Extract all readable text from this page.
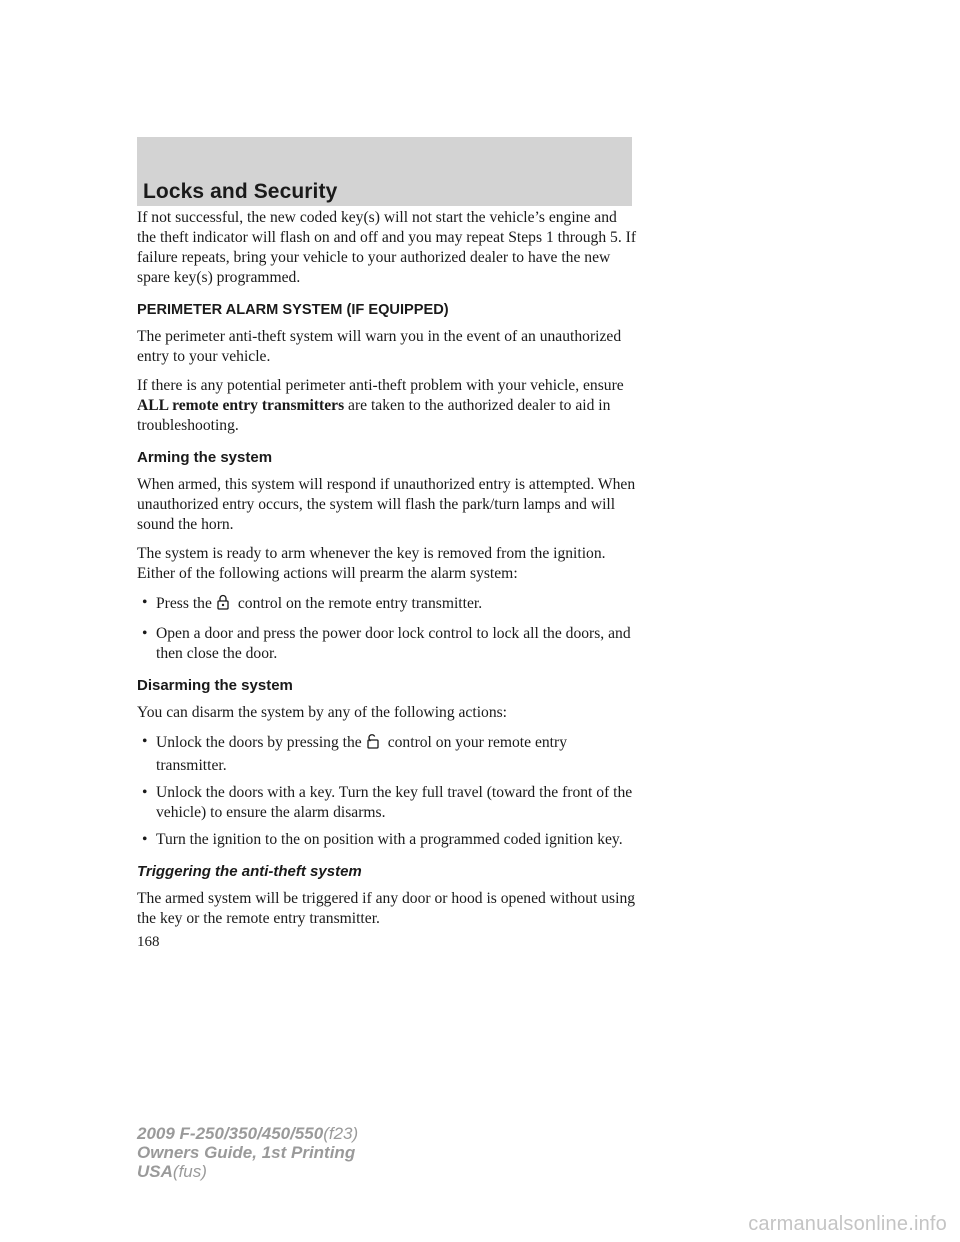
Locks and Security

If not successful, the new coded key(s) will not start the vehicle’s engine and the theft indicator will flash on and off and you may repeat Steps 1 through 5. If failure repeats, bring your vehicle to your authorized dealer to have the new spare key(s) programmed.

PERIMETER ALARM SYSTEM (IF EQUIPPED)

The perimeter anti-theft system will warn you in the event of an unauthorized entry to your vehicle.

If there is any potential perimeter anti-theft problem with your vehicle, ensure ALL remote entry transmitters are taken to the authorized dealer to aid in troubleshooting.

Arming the system

When armed, this system will respond if unauthorized entry is attempted. When unauthorized entry occurs, the system will flash the park/turn lamps and will sound the horn.

The system is ready to arm whenever the key is removed from the ignition. Either of the following actions will prearm the alarm system:

• Press the control on the remote entry transmitter.
• Open a door and press the power door lock control to lock all the doors, and then close the door.
Disarming the system

You can disarm the system by any of the following actions:

• Unlock the doors by pressing the control on your remote entry transmitter.
• Unlock the doors with a key. Turn the key full travel (toward the front of the vehicle) to ensure the alarm disarms.
• Turn the ignition to the on position with a programmed coded ignition key.
Triggering the anti-theft system

The armed system will be triggered if any door or hood is opened without using the key or the remote entry transmitter.

168
2009 F-250/350/450/550(f23)
Owners Guide, 1st Printing
USA(fus)
carmanualsonline.info
